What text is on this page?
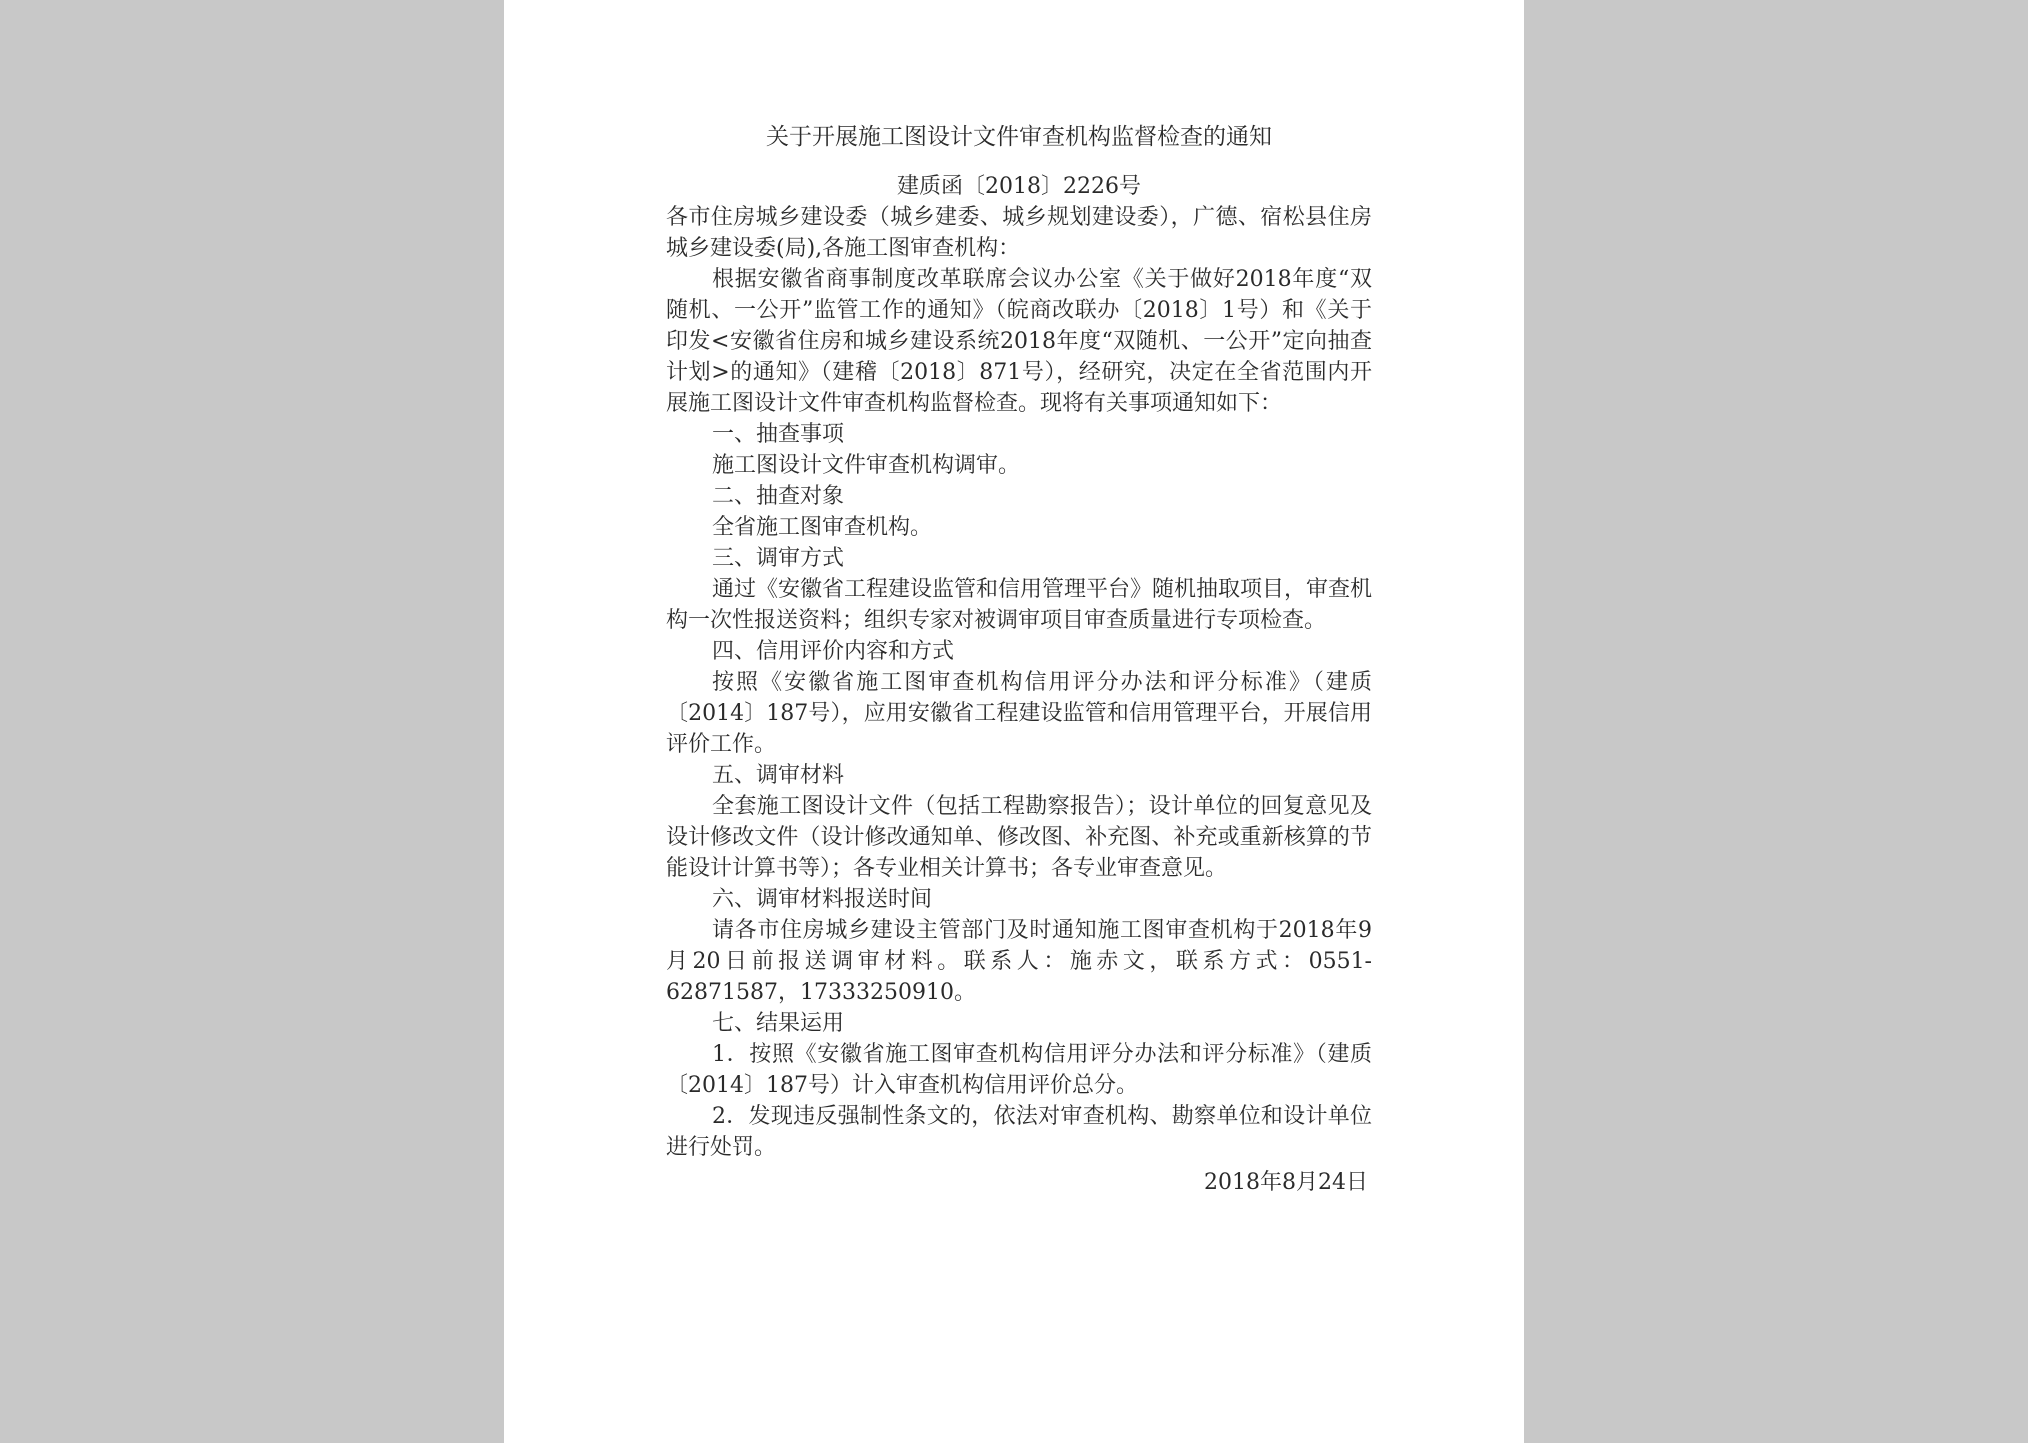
关于开展施工图设计文件审查机构监督检查的通知
建质函〔2018〕2226号

各市住房城乡建设委（城乡建委、城乡规划建设委），广德、宿松县住房城乡建设委(局),各施工图审查机构：

根据安徽省商事制度改革联席会议办公室《关于做好2018年度“双随机、一公开”监管工作的通知》（皖商改联办〔2018〕1号）和《关于印发<安徽省住房和城乡建设系统2018年度“双随机、一公开”定向抽查计划>的通知》（建稽〔2018〕871号），经研究，决定在全省范围内开展施工图设计文件审查机构监督检查。现将有关事项通知如下：

一、抽查事项

施工图设计文件审查机构调审。

二、抽查对象

全省施工图审查机构。

三、调审方式

通过《安徽省工程建设监管和信用管理平台》随机抽取项目，审查机构一次性报送资料；组织专家对被调审项目审查质量进行专项检查。

四、信用评价内容和方式

按照《安徽省施工图审查机构信用评分办法和评分标准》（建质〔2014〕187号），应用安徽省工程建设监管和信用管理平台，开展信用评价工作。

五、调审材料

全套施工图设计文件（包括工程勘察报告）；设计单位的回复意见及设计修改文件（设计修改通知单、修改图、补充图、补充或重新核算的节能设计计算书等）；各专业相关计算书；各专业审查意见。

六、调审材料报送时间

请各市住房城乡建设主管部门及时通知施工图审查机构于2018年9月20日前报送调审材料。联系人：施赤文，联系方式：0551-62871587，17333250910。

七、结果运用

1．按照《安徽省施工图审查机构信用评分办法和评分标准》（建质〔2014〕187号）计入审查机构信用评价总分。

2．发现违反强制性条文的，依法对审查机构、勘察单位和设计单位进行处罚。

2018年8月24日
